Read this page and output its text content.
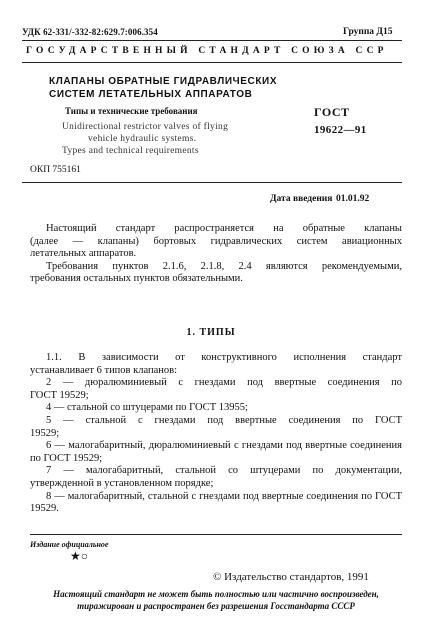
УДК 62-331/-332-82:629.7:006.354	Группа Д15
ГОСУДАРСТВЕННЫЙ СТАНДАРТ СОЮЗА ССР
КЛАПАНЫ ОБРАТНЫЕ ГИДРАВЛИЧЕСКИХ
СИСТЕМ ЛЕТАТЕЛЬНЫХ АППАРАТОВ
Типы и технические требования
Unidirectional restrictor valves of flying
vehicle hydraulic systems.
Types and technical requirements
ГОСТ
19622—91
ОКП 755161
Дата введения 01.01.92

Настоящий стандарт распространяется на обратные клапаны

(далее — клапаны) бортовых гидравлических систем авиационных

летательных аппаратов.

Требования пунктов 2.1.6, 2.1.8, 2.4 являются рекомендуемыми,

требования остальных пунктов обязательными.

1. ТИПЫ

1.1. В зависимости от конструктивного исполнения стандарт

устанавливает 6 типов клапанов:

2 — дюралюминиевый с гнездами под ввертные соединения по

ГОСТ 19529;

4 — стальной со штуцерами по ГОСТ 13955;

5 — стальной с гнездами под ввертные соединения по ГОСТ

19529;

6 — малогабаритный, дюралюминиевый с гнездами под ввертные соединения по ГОСТ 19529;

7 — малогабаритный, стальной со штуцерами по документации,

утвержденной в установленном порядке;

8 — малогабаритный, стальной с гнездами под ввертные соединения по ГОСТ 19529.

Издание официальное
★○
© Издательство стандартов, 1991

Настоящий стандарт не может быть полностью или частично воспроизведен,

тиражирован и распространен без разрешения Госстандарта СССР
